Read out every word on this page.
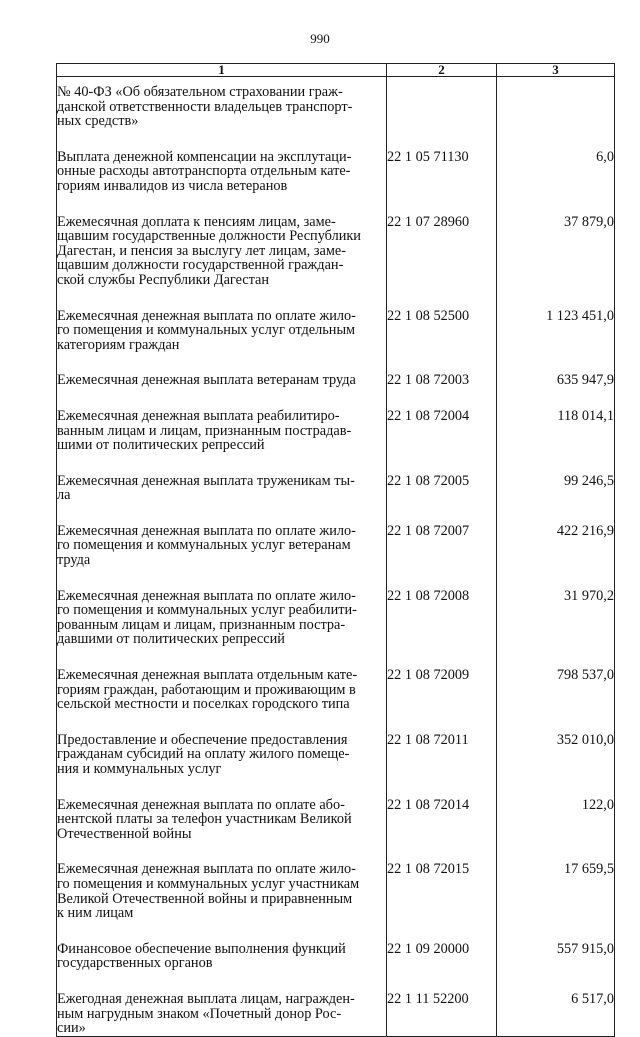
990
1	2	3

№ 40-ФЗ «Об обязательном страховании граж-
данской ответственности владельцев транспорт-
ных средств»		

Выплата денежной компенсации на эксплутаци-
онные расходы автотранспорта отдельным кате-
гориям инвалидов из числа ветеранов	22 1 05 71130	6,0

Ежемесячная доплата к пенсиям лицам, заме-
щавшим государственные должности Республики
Дагестан, и пенсия за выслугу лет лицам, заме-
щавшим должности государственной граждан-
ской службы Республики Дагестан	22 1 07 28960	37 879,0

Ежемесячная денежная выплата по оплате жило-
го помещения и коммунальных услуг отдельным
категориям граждан	22 1 08 52500	1 123 451,0

Ежемесячная денежная выплата ветеранам труда	22 1 08 72003	635 947,9

Ежемесячная денежная выплата реабилитиро-
ванным лицам и лицам, признанным пострадав-
шими от политических репрессий	22 1 08 72004	118 014,1

Ежемесячная денежная выплата труженикам ты-
ла	22 1 08 72005	99 246,5

Ежемесячная денежная выплата по оплате жило-
го помещения и коммунальных услуг ветеранам
труда	22 1 08 72007	422 216,9

Ежемесячная денежная выплата по оплате жило-
го помещения и коммунальных услуг реабилити-
рованным лицам и лицам, признанным постра-
давшими от политических репрессий	22 1 08 72008	31 970,2

Ежемесячная денежная выплата отдельным кате-
гориям граждан, работающим и проживающим в
сельской местности и поселках городского типа	22 1 08 72009	798 537,0

Предоставление и обеспечение предоставления
гражданам субсидий на оплату жилого помеще-
ния и коммунальных услуг	22 1 08 72011	352 010,0

Ежемесячная денежная выплата по оплате або-
нентской платы за телефон участникам Великой
Отечественной войны	22 1 08 72014	122,0

Ежемесячная денежная выплата по оплате жило-
го помещения и коммунальных услуг участникам
Великой Отечественной войны и приравненным
к ним лицам	22 1 08 72015	17 659,5

Финансовое обеспечение выполнения функций
государственных органов	22 1 09 20000	557 915,0

Ежегодная денежная выплата лицам, награжден-
ным нагрудным знаком «Почетный донор Рос-
сии»	22 1 11 52200	6 517,0
